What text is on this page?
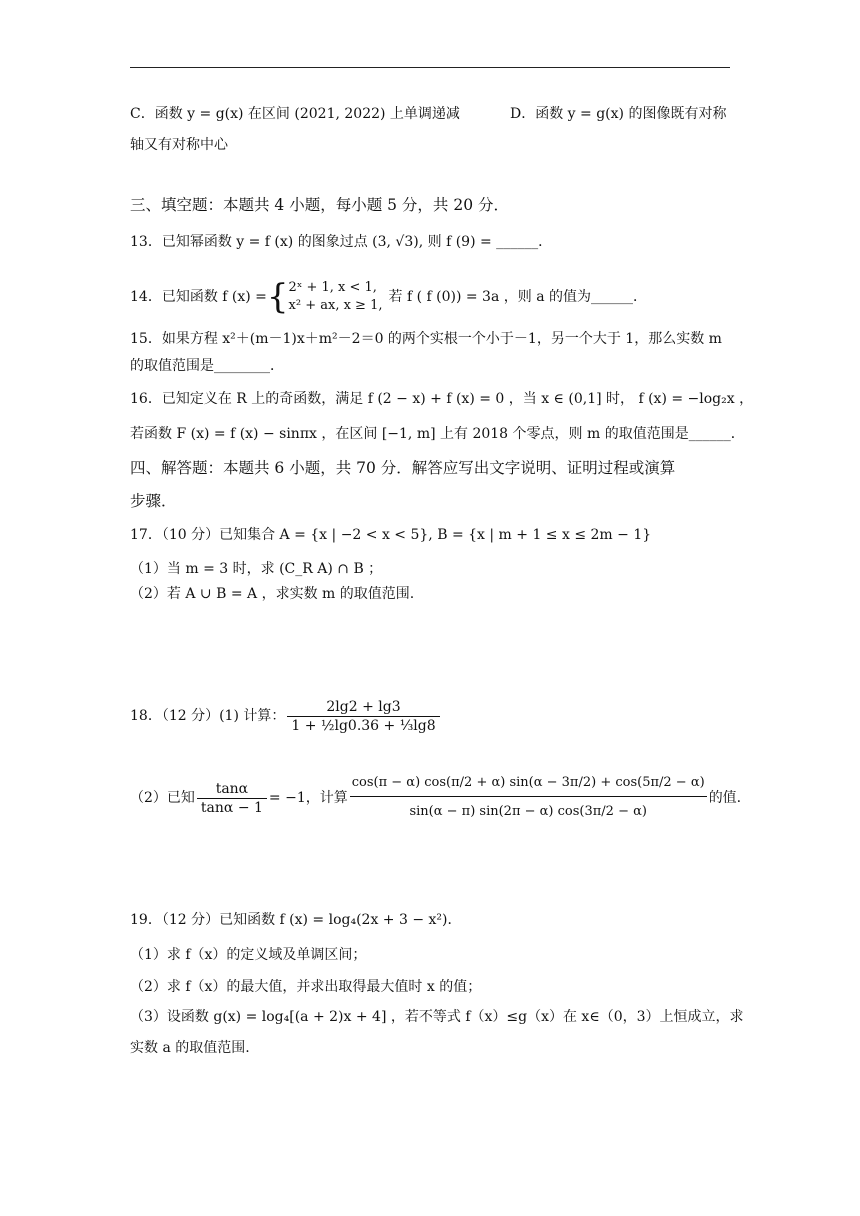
C．函数 y = g(x) 在区间 (2021, 2022) 上单调递减	D．函数 y = g(x) 的图像既有对称
轴又有对称中心
三、填空题：本题共 4 小题，每小题 5 分，共 20 分．
13．已知幂函数 y = f (x) 的图象过点 (3, √3), 则 f (9) = ______．
14．已知函数 f (x) = { 2ˣ + 1, x < 1,
x² + ax, x ≥ 1,
若 f ( f (0)) = 3a ，则 a 的值为______．
15．如果方程 x²＋(m－1)x＋m²－2＝0 的两个实根一个小于－1，另一个大于 1，那么实数 m
的取值范围是________．
16．已知定义在 R 上的奇函数，满足 f (2 − x) + f (x) = 0 ，当 x ∈ (0,1] 时， f (x) = −log₂x ，
若函数 F (x) = f (x) − sinπx ，在区间 [−1, m] 上有 2018 个零点，则 m 的取值范围是______．
四、解答题：本题共 6 小题，共 70 分．解答应写出文字说明、证明过程或演算
步骤．
17．（10 分）已知集合 A = {x | −2 < x < 5}, B = {x | m + 1 ≤ x ≤ 2m − 1}
（1）当 m = 3 时，求 (C_R A) ∩ B ；
（2）若 A ∪ B = A ，求实数 m 的取值范围.
18．（12 分）(1) 计算： $\frac{2\lg 2 + \lg 3}{\text{1 + ½lg0.36 + ⅓lg8}}$
（2）已知 $\frac{\tan\alpha}{\tan\alpha - 1} = -1$，计算 $\frac{\cos(\pi - \alpha) \cos(\pi/2 + \alpha) \sin(\alpha - 3\pi/2) + \cos(5\pi/2 - \alpha)}{\sin(\alpha - \pi) \sin(2\pi - \alpha) \cos(3\pi/2 - \alpha)}$ 的值.
19．（12 分）已知函数 f (x) = log₄(2x + 3 − x²)．
（1）求 f（x）的定义域及单调区间；
（2）求 f（x）的最大值，并求出取得最大值时 x 的值；
（3）设函数 g(x) = log₄[(a + 2)x + 4] ，若不等式 f（x）≤g（x）在 x∈（0，3）上恒成立，求
实数 a 的取值范围.
